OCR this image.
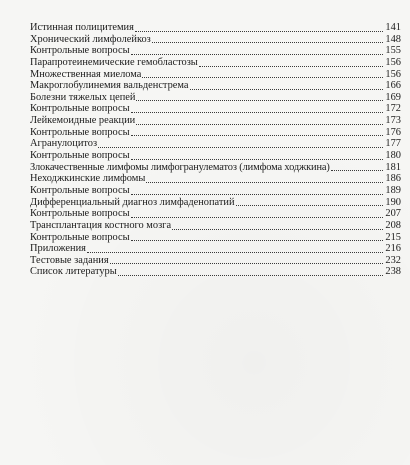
Истинная полицитемия	141
Хронический лимфолейкоз	148
Контрольные вопросы	155
Парапротеинемические гемобластозы	156
Множественная миелома	156
Макроглобулинемия вальденстрема	166
Болезни тяжелых цепей	169
Контрольные вопросы	172
Лейкемоидные реакции	173
Контрольные вопросы	176
Агранулоцитоз	177
Контрольные вопросы	180
Злокачественные лимфомы лимфогранулематоз (лимфома ходжкина)	181
Неходжкинские лимфомы	186
Контрольные вопросы	189
Дифференциальный диагноз лимфаденопатий	190
Контрольные вопросы	207
Трансплантация костного мозга	208
Контрольные вопросы	215
Приложения	216
Тестовые задания	232
Список литературы	238
